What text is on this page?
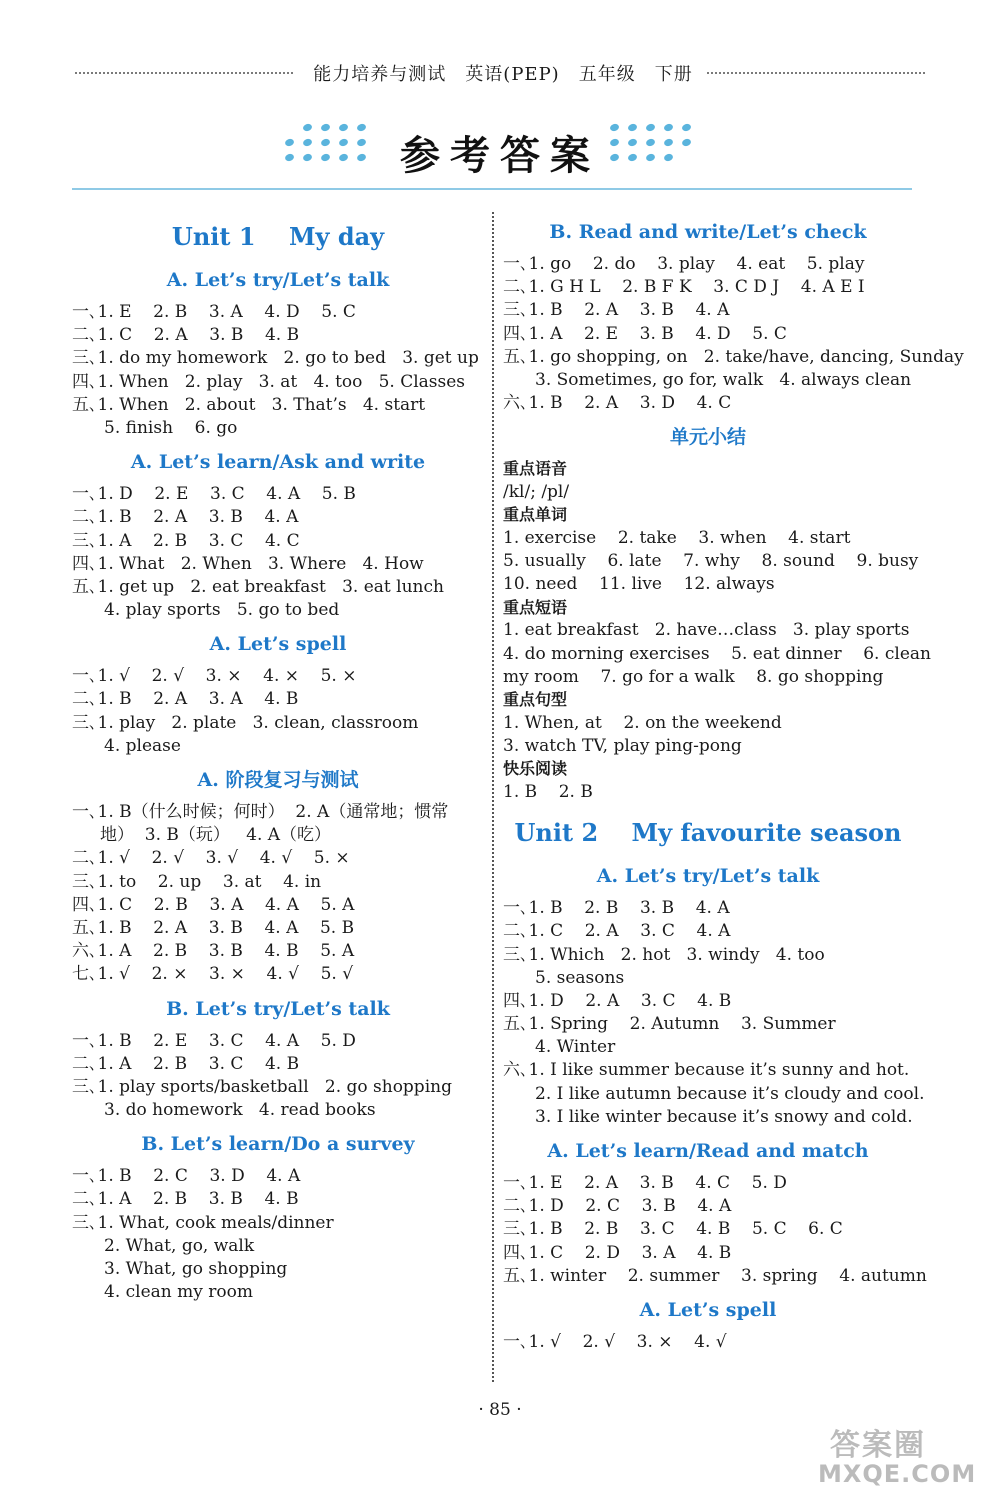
能力培养与测试　英语(PEP)　五年级　下册
参考答案
Unit 1    My day
A. Let’s try/Let’s talk
一､1. E    2. B    3. A    4. D    5. C
二､1. C    2. A    3. B    4. B
三､1. do my homework   2. go to bed   3. get up
四､1. When   2. play   3. at   4. too   5. Classes
五､1. When   2. about   3. That’s   4. start
5. finish    6. go
A. Let’s learn/Ask and write
一､1. D    2. E    3. C    4. A    5. B
二､1. B    2. A    3. B    4. A
三､1. A    2. B    3. C    4. C
四､1. What   2. When   3. Where   4. How
五､1. get up   2. eat breakfast   3. eat lunch
4. play sports   5. go to bed
A. Let’s spell
一､1. √    2. √    3. ×    4. ×    5. ×
二､1. B    2. A    3. A    4. B
三､1. play   2. plate   3. clean, classroom
4. please
A. 阶段复习与测试
一､1. B（什么时候；何时）  2. A（通常地；惯常
地）  3. B（玩）   4. A（吃）
二､1. √    2. √    3. √    4. √    5. ×
三､1. to    2. up    3. at    4. in
四､1. C    2. B    3. A    4. A    5. A
五､1. B    2. A    3. B    4. A    5. B
六､1. A    2. B    3. B    4. B    5. A
七､1. √    2. ×    3. ×    4. √    5. √
B. Let’s try/Let’s talk
一､1. B    2. E    3. C    4. A    5. D
二､1. A    2. B    3. C    4. B
三､1. play sports/basketball   2. go shopping
3. do homework   4. read books
B. Let’s learn/Do a survey
一､1. B    2. C    3. D    4. A
二､1. A    2. B    3. B    4. B
三､1. What, cook meals/dinner
2. What, go, walk
3. What, go shopping
4. clean my room
B. Read and write/Let’s check
一､1. go    2. do    3. play    4. eat    5. play
二､1. G H L    2. B F K    3. C D J    4. A E I
三､1. B    2. A    3. B    4. A
四､1. A    2. E    3. B    4. D    5. C
五､1. go shopping, on   2. take/have, dancing, Sunday
3. Sometimes, go for, walk   4. always clean
六､1. B    2. A    3. D    4. C
单元小结
重点语音
/kl/; /pl/
重点单词
1. exercise    2. take    3. when    4. start
5. usually    6. late    7. why    8. sound    9. busy
10. need    11. live    12. always
重点短语
1. eat breakfast   2. have…class   3. play sports
4. do morning exercises    5. eat dinner    6. clean
my room    7. go for a walk    8. go shopping
重点句型
1. When, at    2. on the weekend
3. watch TV, play ping-pong
快乐阅读
1. B    2. B
Unit 2    My favourite season
A. Let’s try/Let’s talk
一､1. B    2. B    3. B    4. A
二､1. C    2. A    3. C    4. A
三､1. Which   2. hot   3. windy   4. too
5. seasons
四､1. D    2. A    3. C    4. B
五､1. Spring    2. Autumn    3. Summer
4. Winter
六､1. I like summer because it’s sunny and hot.
2. I like autumn because it’s cloudy and cool.
3. I like winter because it’s snowy and cold.
A. Let’s learn/Read and match
一､1. E    2. A    3. B    4. C    5. D
二､1. D    2. C    3. B    4. A
三､1. B    2. B    3. C    4. B    5. C    6. C
四､1. C    2. D    3. A    4. B
五､1. winter    2. summer    3. spring    4. autumn
A. Let’s spell
一､1. √    2. √    3. ×    4. √
· 85 ·
答案圈
MXQE.COM
